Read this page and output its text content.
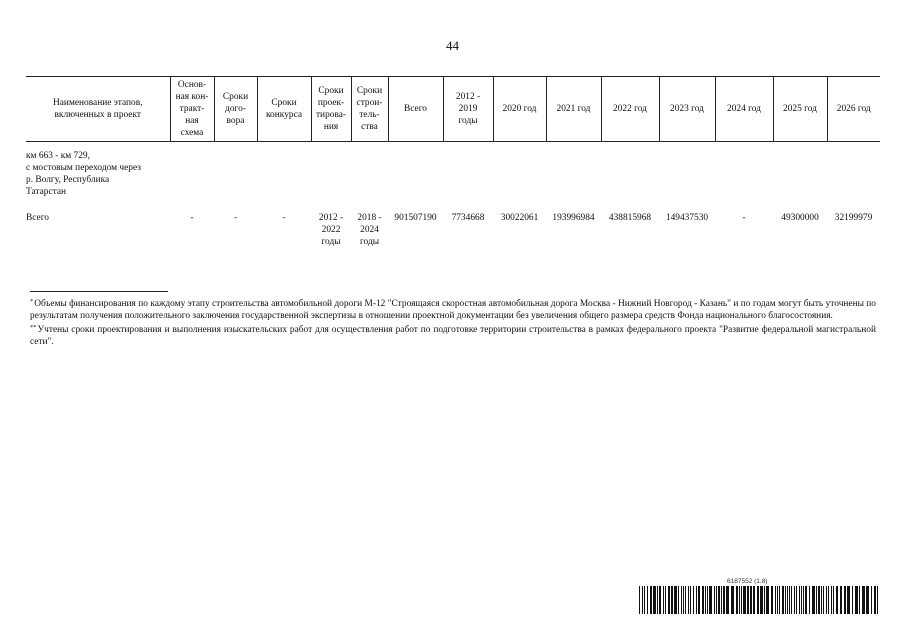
44
Наименование этапов,
включенных в проект	Основ-
ная кон-
тракт-
ная
схема	Сроки
дого-
вора	Сроки
конкурса	Сроки
проек-
тирова-
ния	Сроки
строи-
тель-
ства	Всего	2012 -
2019
годы	2020 год	2021 год	2022 год	2023 год	2024 год	2025 год	2026 год

км 663 - км 729,
с мостовым переходом через
р. Волгу, Республика
Татарстан														
Всего	-	-	-	2012 -
2022
годы	2018 -
2024
годы	901507190	7734668	30022061	193996984	438815968	149437530	-	49300000	32199979

*Объемы финансирования по каждому этапу строительства автомобильной дороги М-12 "Строящаяся скоростная автомобильная дорога Москва - Нижний Новгород - Казань" и по годам могут быть уточнены по результатам получения положительного заключения государственной экспертизы в отношении проектной документации без увеличения общего размера средств Фонда национального благосостояния.

**Учтены сроки проектирования и выполнения изыскательских работ для осуществления работ по подготовке территории строительства в рамках федерального проекта "Развитие федеральной магистральной сети".

6187552 (1.8)
